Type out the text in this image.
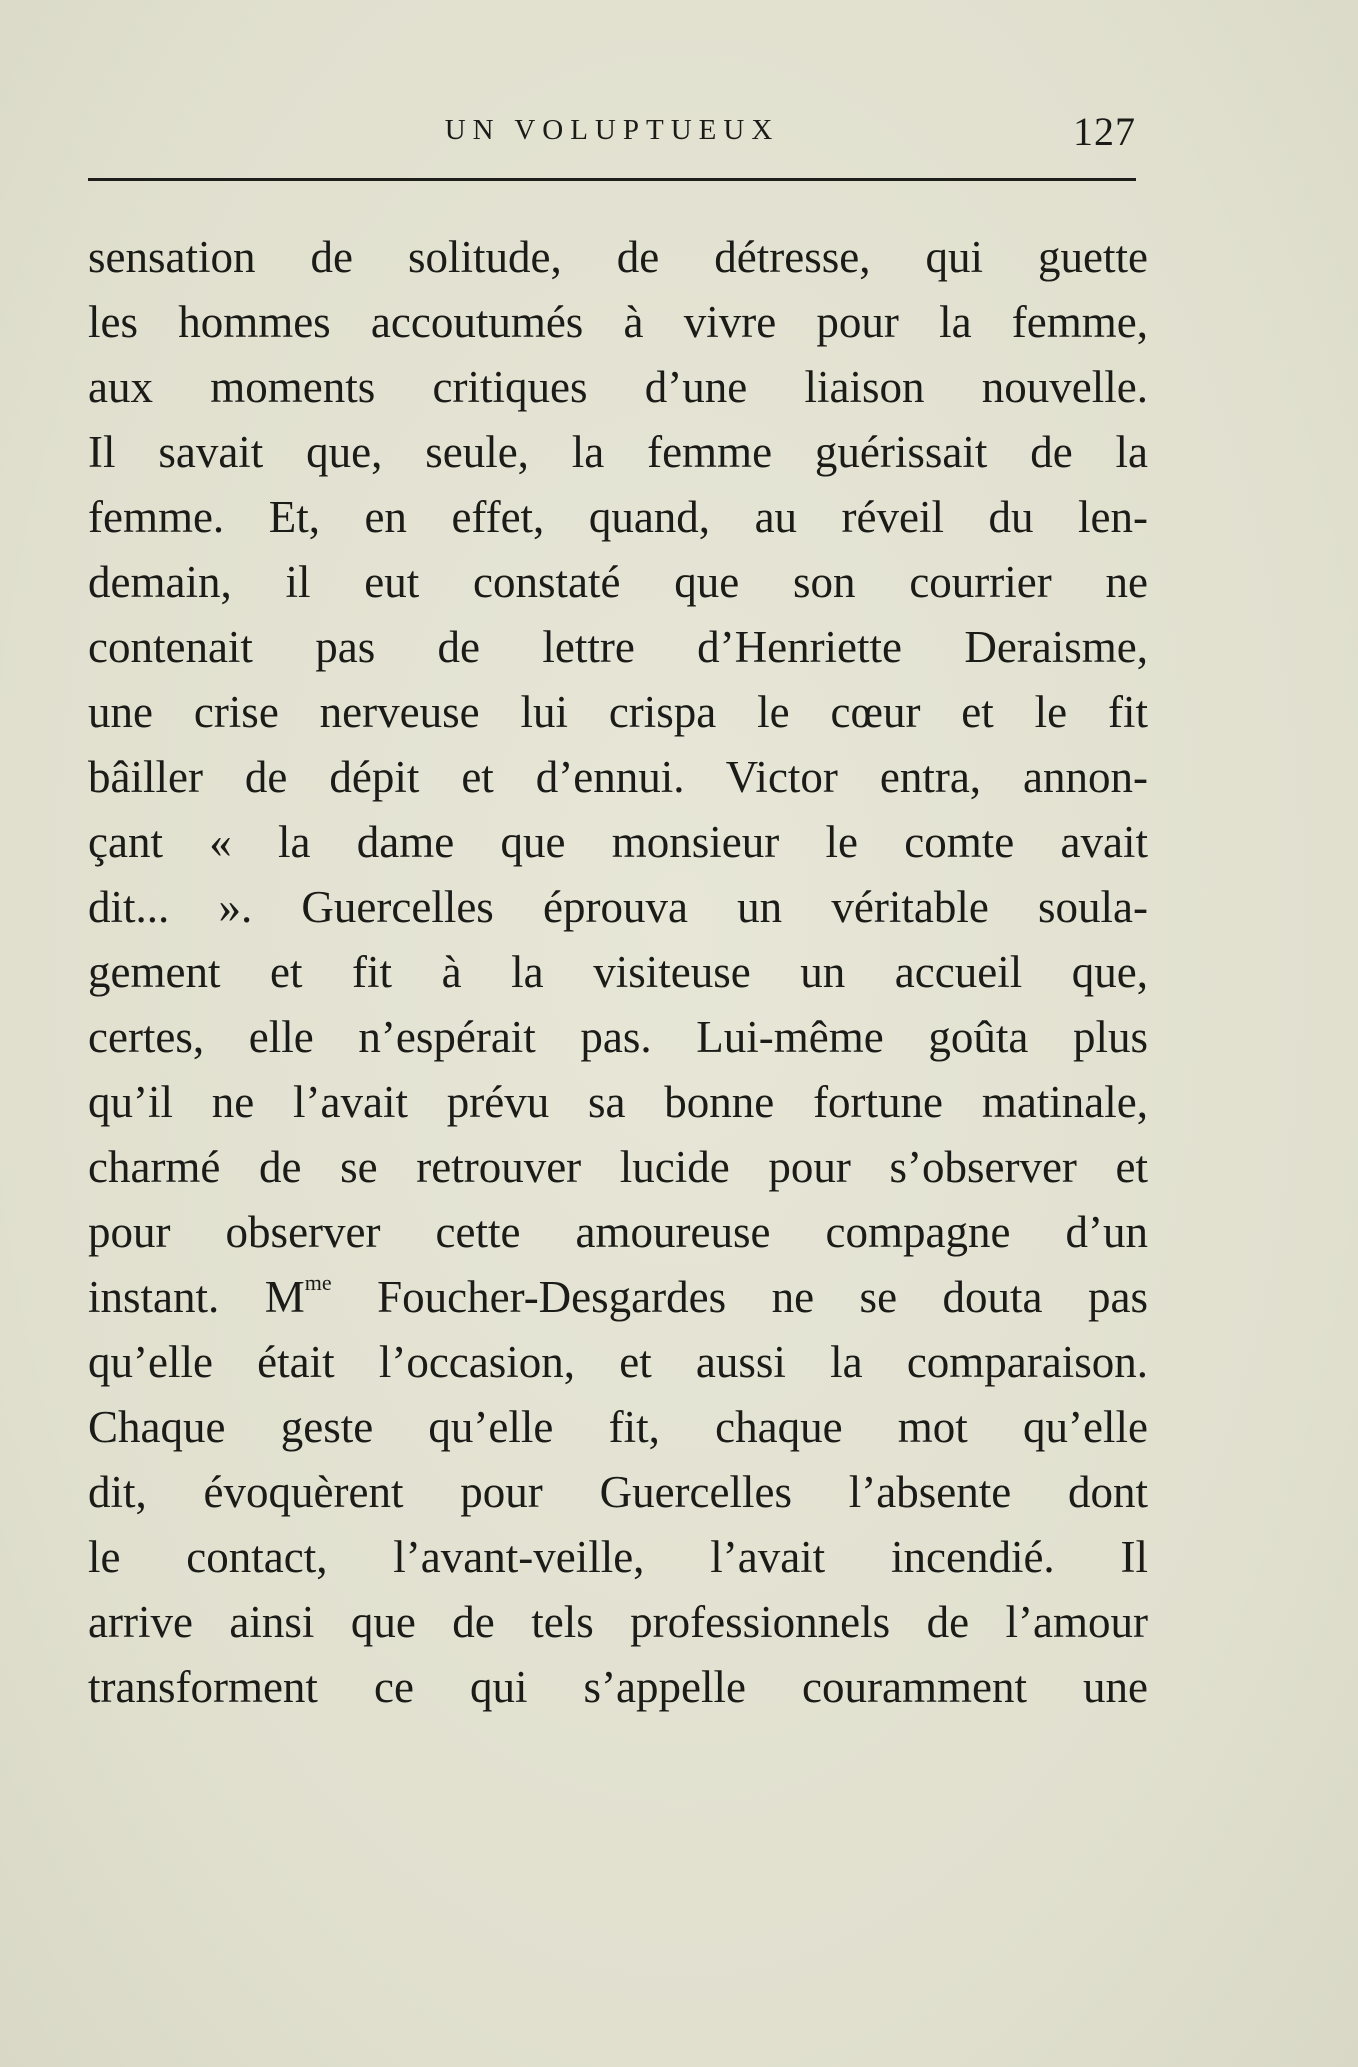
UN VOLUPTUEUX	127
sensation de solitude, de détresse, qui guette
les hommes accoutumés à vivre pour la femme,
aux moments critiques d’une liaison nouvelle.
Il savait que, seule, la femme guérissait de la
femme. Et, en effet, quand, au réveil du len-
demain, il eut constaté que son courrier ne
contenait pas de lettre d’Henriette Deraisme,
une crise nerveuse lui crispa le cœur et le fit
bâiller de dépit et d’ennui. Victor entra, annon-
çant « la dame que monsieur le comte avait
dit... ». Guercelles éprouva un véritable soula-
gement et fit à la visiteuse un accueil que,
certes, elle n’espérait pas. Lui-même goûta plus
qu’il ne l’avait prévu sa bonne fortune matinale,
charmé de se retrouver lucide pour s’observer et
pour observer cette amoureuse compagne d’un
instant. $M^{me}$ Foucher-Desgardes ne se douta pas
qu’elle était l’occasion, et aussi la comparaison.
Chaque geste qu’elle fit, chaque mot qu’elle
dit, évoquèrent pour Guercelles l’absente dont
le contact, l’avant-veille, l’avait incendié. Il
arrive ainsi que de tels professionnels de l’amour
transforment ce qui s’appelle couramment une
